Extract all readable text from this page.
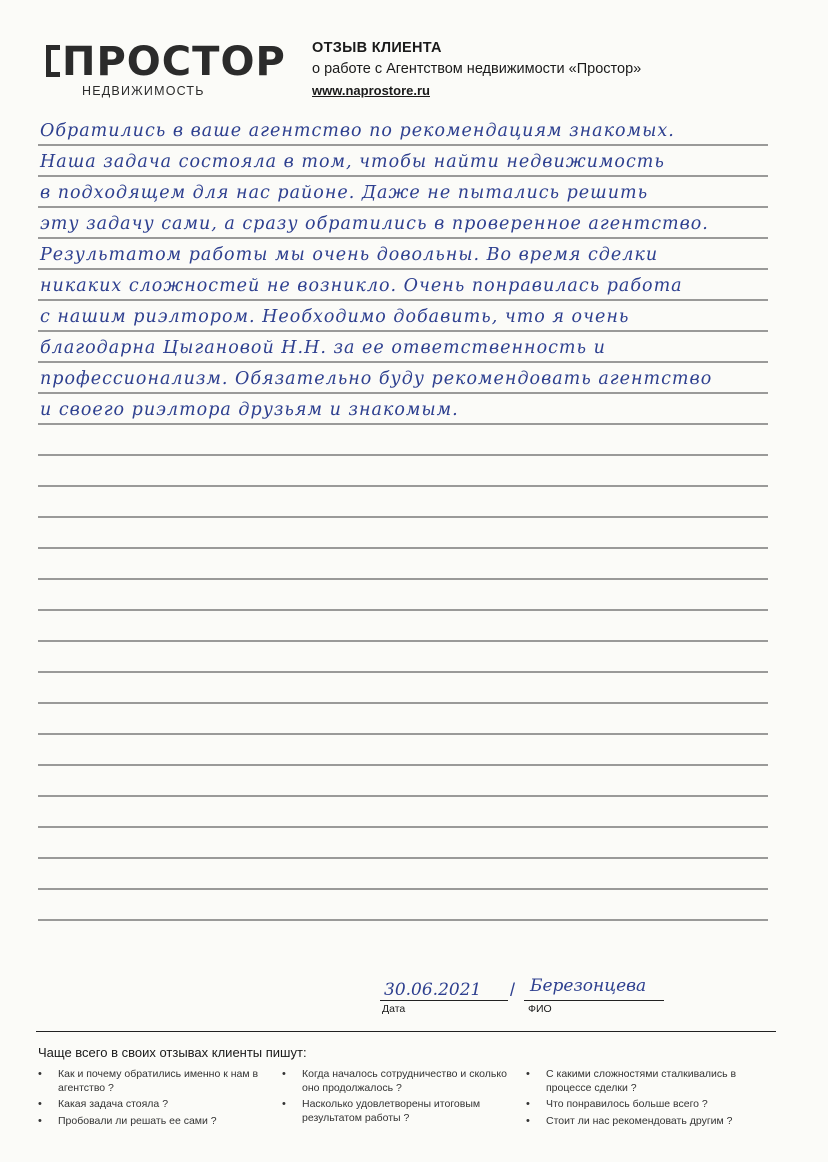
ПРОСТОР
НЕДВИЖИМОСТЬ
ОТЗЫВ КЛИЕНТА
о работе с Агентством недвижимости «Простор»
www.naprostore.ru
Обратились в ваше агентство по рекомендациям знакомых.
Наша задача состояла в том, чтобы найти недвижимость
в подходящем для нас районе. Даже не пытались решить
эту задачу сами, а сразу обратились в проверенное агентство.
Результатом работы мы очень довольны. Во время сделки
никаких сложностей не возникло. Очень понравилась работа
с нашим риэлтором. Необходимо добавить, что я очень
благодарна Цыгановой Н.Н. за ее ответственность и
профессионализм. Обязательно буду рекомендовать агентство
и своего риэлтора друзьям и знакомым.
30.06.2021 / Березонцева
Дата	ФИО
Чаще всего в своих отзывах клиенты пишут:
• Как и почему обратились именно к нам в агентство ?
• Какая задача стояла ?
• Пробовали ли решать ее сами ?
• Когда началось сотрудничество и сколько оно продолжалось ?
• Насколько удовлетворены итоговым результатом работы ?
• С какими сложностями сталкивались в процессе сделки ?
• Что понравилось больше всего ?
• Стоит ли нас рекомендовать другим ?
